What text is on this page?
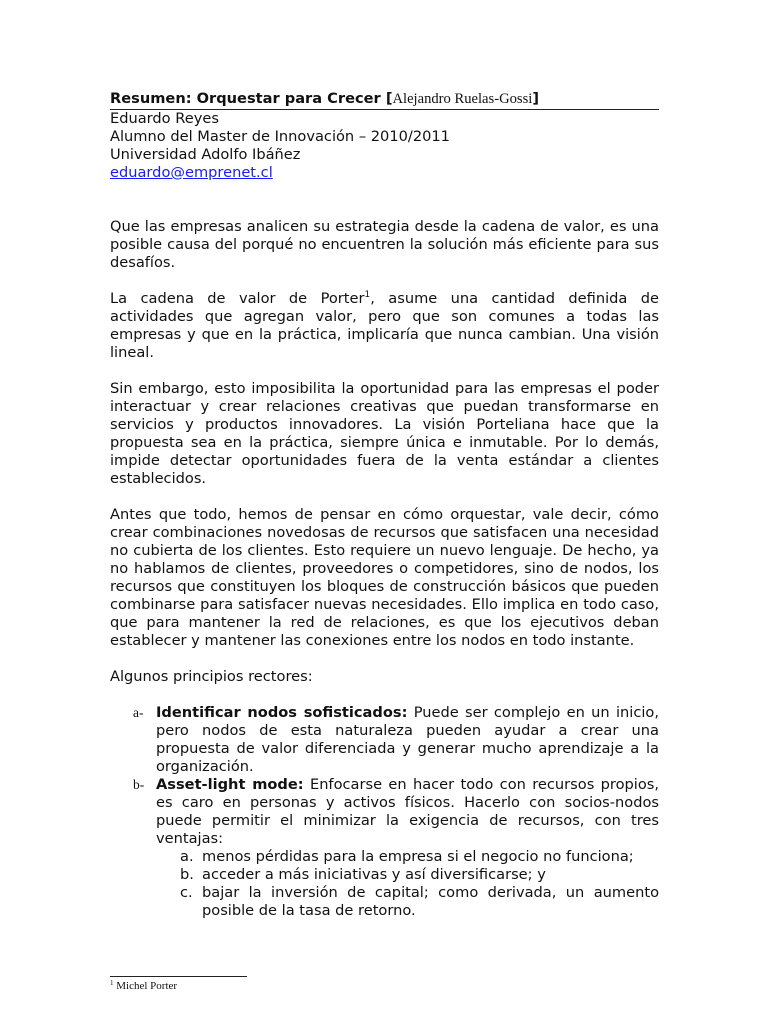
Resumen: Orquestar para Crecer [Alejandro Ruelas-Gossi]
Eduardo Reyes
Alumno del Master de Innovación – 2010/2011
Universidad Adolfo Ibáñez
eduardo@emprenet.cl

Que las empresas analicen su estrategia desde la cadena de valor, es una posible causa del porqué no encuentren la solución más eficiente para sus desafíos.

La cadena de valor de Porter$^1$, asume una cantidad definida de actividades que agregan valor, pero que son comunes a todas las empresas y que en la práctica, implicaría que nunca cambian. Una visión lineal.

Sin embargo, esto imposibilita la oportunidad para las empresas el poder interactuar y crear relaciones creativas que puedan transformarse en servicios y productos innovadores. La visión Porteliana hace que la propuesta sea en la práctica, siempre única e inmutable. Por lo demás, impide detectar oportunidades fuera de la venta estándar a clientes establecidos.

Antes que todo, hemos de pensar en cómo orquestar, vale decir, cómo crear combinaciones novedosas de recursos que satisfacen una necesidad no cubierta de los clientes. Esto requiere un nuevo lenguaje. De hecho, ya no hablamos de clientes, proveedores o competidores, sino de nodos, los recursos que constituyen los bloques de construcción básicos que pueden combinarse para satisfacer nuevas necesidades. Ello implica en todo caso, que para mantener la red de relaciones, es que los ejecutivos deban establecer y mantener las conexiones entre los nodos en todo instante.

Algunos principios rectores:

a- Identificar nodos sofisticados: Puede ser complejo en un inicio, pero nodos de esta naturaleza pueden ayudar a crear una propuesta de valor diferenciada y generar mucho aprendizaje a la organización.
b- Asset-light mode: Enfocarse en hacer todo con recursos propios, es caro en personas y activos físicos. Hacerlo con socios-nodos puede permitir el minimizar la exigencia de recursos, con tres ventajas:
a. menos pérdidas para la empresa si el negocio no funciona;
b. acceder a más iniciativas y así diversificarse; y
c. bajar la inversión de capital; como derivada, un aumento posible de la tasa de retorno.
$^1$ Michel Porter
